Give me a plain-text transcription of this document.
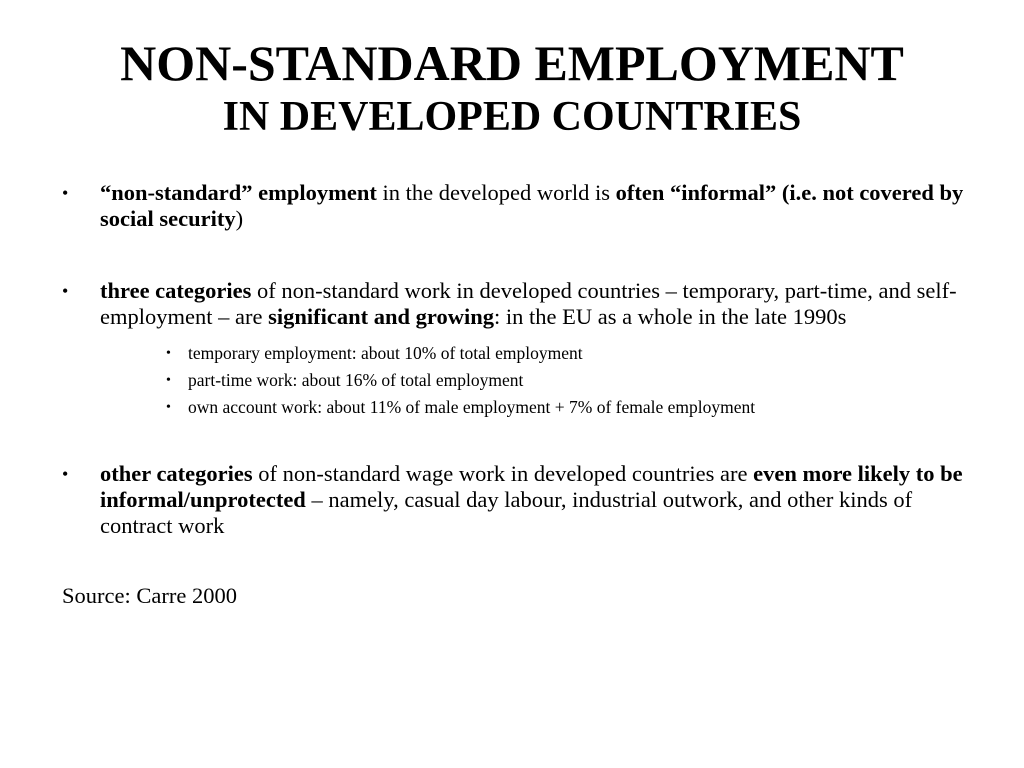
NON-STANDARD EMPLOYMENT
IN DEVELOPED COUNTRIES
•	“non-standard” employment in the developed world is often “informal” (i.e. not covered by social security)
•	three categories of non-standard work in developed countries – temporary, part-time, and self-employment – are significant and growing: in the EU as a whole in the late 1990s
• temporary employment: about 10% of total employment
• part-time work: about 16% of total employment
• own account work: about 11% of male employment + 7% of female employment
•	other categories of non-standard wage work in developed countries are even more likely to be informal/unprotected – namely, casual day labour, industrial outwork, and other kinds of contract work
Source: Carre 2000
